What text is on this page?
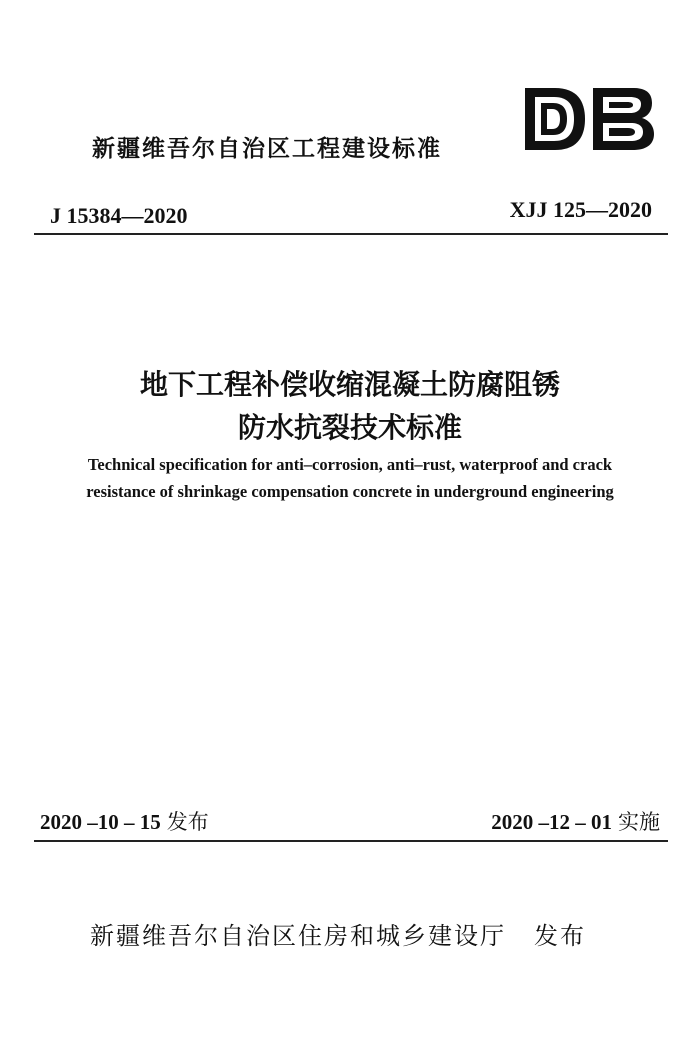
新疆维吾尔自治区工程建设标准
J 15384—2020	XJJ 125—2020
地下工程补偿收缩混凝土防腐阻锈
防水抗裂技术标准
Technical specification for anti–corrosion, anti–rust, waterproof and crack
resistance of shrinkage compensation concrete in underground engineering
2020 –10 – 15 发布	2020 –12 – 01 实施
新疆维吾尔自治区住房和城乡建设厅 发布
